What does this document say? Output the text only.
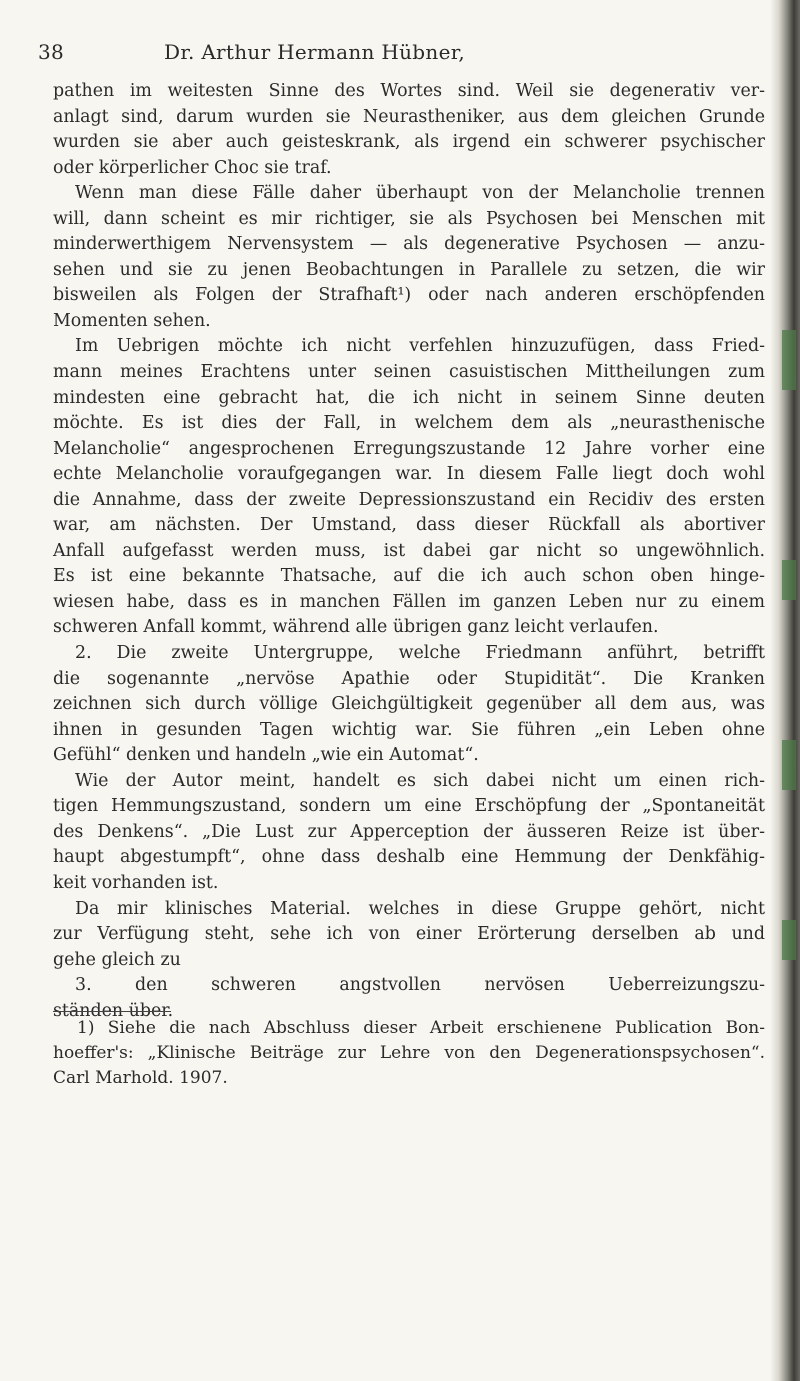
38	Dr. Arthur Hermann Hübner,
pathen im weitesten Sinne des Wortes sind. Weil sie degenerativ ver-
anlagt sind, darum wurden sie Neurastheniker, aus dem gleichen Grunde
wurden sie aber auch geisteskrank, als irgend ein schwerer psychischer
oder körperlicher Choc sie traf.
Wenn man diese Fälle daher überhaupt von der Melancholie trennen
will, dann scheint es mir richtiger, sie als Psychosen bei Menschen mit
minderwerthigem Nervensystem — als degenerative Psychosen — anzu-
sehen und sie zu jenen Beobachtungen in Parallele zu setzen, die wir
bisweilen als Folgen der Strafhaft¹) oder nach anderen erschöpfenden
Momenten sehen.
Im Uebrigen möchte ich nicht verfehlen hinzuzufügen, dass Fried-
mann meines Erachtens unter seinen casuistischen Mittheilungen zum
mindesten eine gebracht hat, die ich nicht in seinem Sinne deuten
möchte. Es ist dies der Fall, in welchem dem als „neurasthenische
Melancholie“ angesprochenen Erregungszustande 12 Jahre vorher eine
echte Melancholie voraufgegangen war. In diesem Falle liegt doch wohl
die Annahme, dass der zweite Depressionszustand ein Recidiv des ersten
war, am nächsten. Der Umstand, dass dieser Rückfall als abortiver
Anfall aufgefasst werden muss, ist dabei gar nicht so ungewöhnlich.
Es ist eine bekannte Thatsache, auf die ich auch schon oben hinge-
wiesen habe, dass es in manchen Fällen im ganzen Leben nur zu einem
schweren Anfall kommt, während alle übrigen ganz leicht verlaufen.
2. Die zweite Untergruppe, welche Friedmann anführt, betrifft
die sogenannte „nervöse Apathie oder Stupidität“. Die Kranken
zeichnen sich durch völlige Gleichgültigkeit gegenüber all dem aus, was
ihnen in gesunden Tagen wichtig war. Sie führen „ein Leben ohne
Gefühl“ denken und handeln „wie ein Automat“.
Wie der Autor meint, handelt es sich dabei nicht um einen rich-
tigen Hemmungszustand, sondern um eine Erschöpfung der „Spontaneität
des Denkens“. „Die Lust zur Apperception der äusseren Reize ist über-
haupt abgestumpft“, ohne dass deshalb eine Hemmung der Denkfähig-
keit vorhanden ist.
Da mir klinisches Material. welches in diese Gruppe gehört, nicht
zur Verfügung steht, sehe ich von einer Erörterung derselben ab und
gehe gleich zu
3. den schweren angstvollen nervösen Ueberreizungszu-
ständen über.
1) Siehe die nach Abschluss dieser Arbeit erschienene Publication Bon-
hoeffer's: „Klinische Beiträge zur Lehre von den Degenerationspsychosen“.
Carl Marhold. 1907.
